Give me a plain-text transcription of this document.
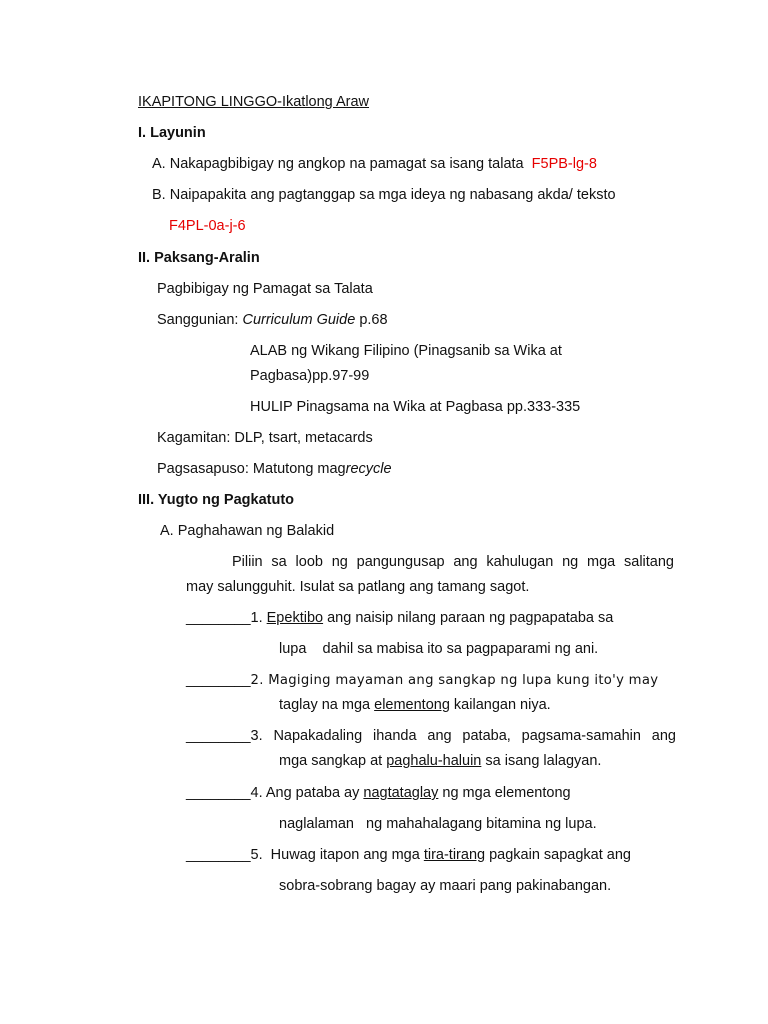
IKAPITONG LINGGO-Ikatlong Araw
I. Layunin
A. Nakapagbibigay ng angkop na pamagat sa isang talata F5PB-lg-8
B. Naipapakita ang pagtanggap sa mga ideya ng nabasang akda/ teksto
F4PL-0a-j-6
II. Paksang-Aralin
Pagbibigay ng Pamagat sa Talata
Sanggunian: Curriculum Guide p.68
ALAB ng Wikang Filipino (Pinagsanib sa Wika at
Pagbasa)pp.97-99
HULIP Pinagsama na Wika at Pagbasa pp.333-335
Kagamitan: DLP, tsart, metacards
Pagsasapuso: Matutong magrecycle
III. Yugto ng Pagkatuto
A. Paghahawan ng Balakid
Piliin sa loob ng pangungusap ang kahulugan ng mga salitang
may salungguhit. Isulat sa patlang ang tamang sagot.
________1. Epektibo ang naisip nilang paraan ng pagpapataba sa
lupa    dahil sa mabisa ito sa pagpaparami ng ani.
________2. Magiging mayaman ang sangkap ng lupa kung ito'y may
taglay na mga elementong kailangan niya.
________ 3. Napakadaling ihanda ang pataba, pagsama-samahin ang
mga sangkap at paghalu-haluin sa isang lalagyan.
________4. Ang pataba ay nagtataglay ng mga elementong
naglalaman   ng mahahalagang bitamina ng lupa.
________5.  Huwag itapon ang mga tira-tirang pagkain sapagkat ang
sobra-sobrang bagay ay maari pang pakinabangan.
